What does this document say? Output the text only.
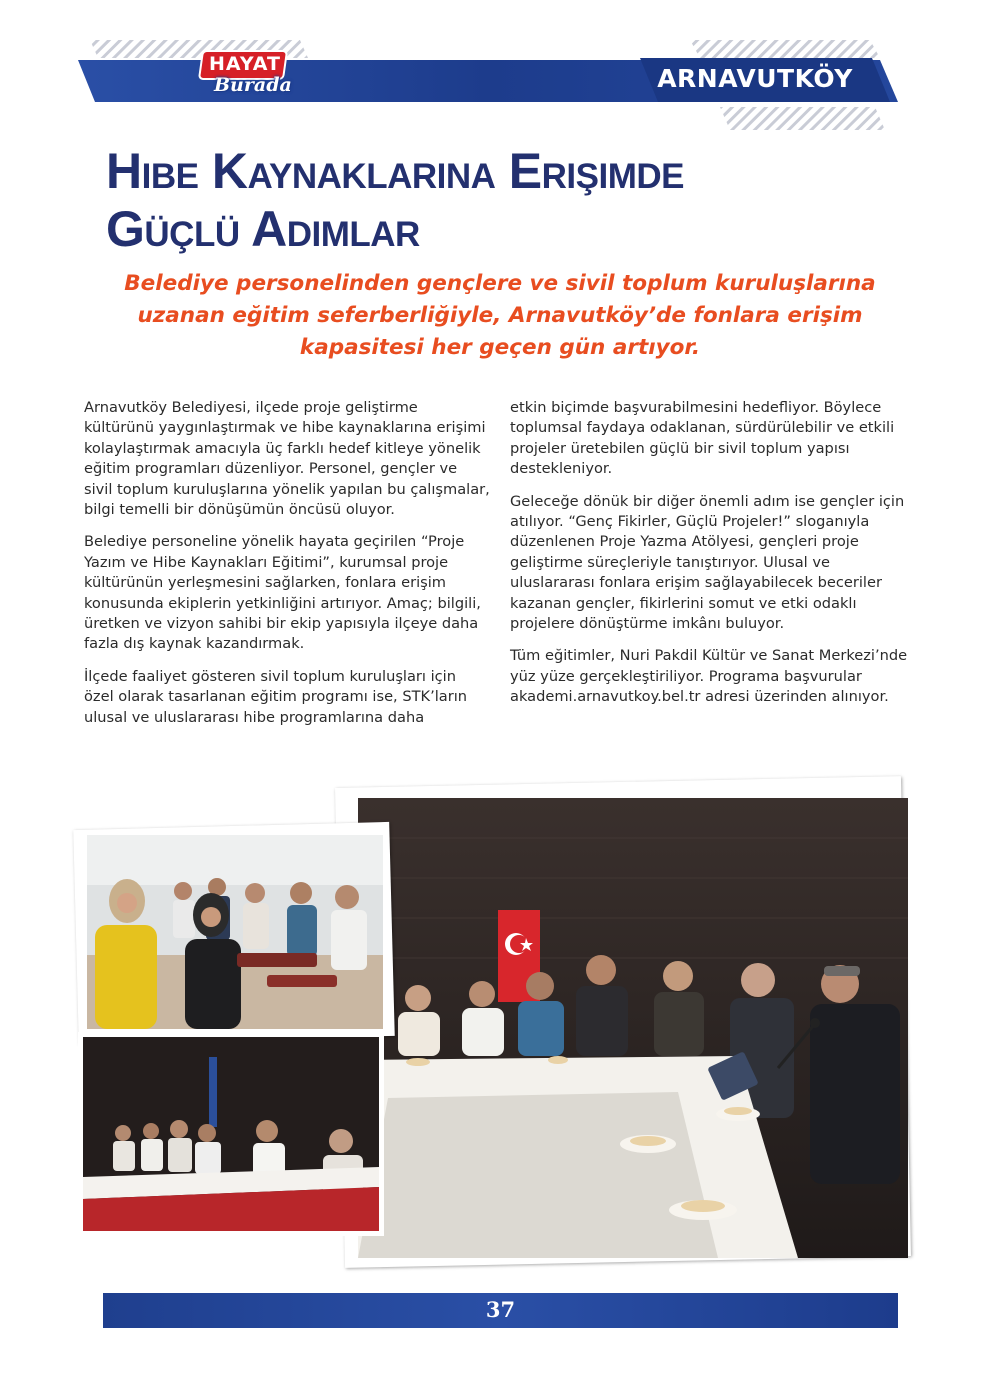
HAYAT
Burada	ARNAVUTKÖY
Hibe Kaynaklarına Erişimde
Güçlü Adımlar

Belediye personelinden gençlere ve sivil toplum kuruluşlarına uzanan eğitim seferberliğiyle, Arnavutköy’de fonlara erişim kapasitesi her geçen gün artıyor.

Arnavutköy Belediyesi, ilçede proje geliştirme kültürünü yaygınlaştırmak ve hibe kaynaklarına erişimi kolaylaştırmak amacıyla üç farklı hedef kitleye yönelik eğitim programları düzenliyor. Personel, gençler ve sivil toplum kuruluşlarına yönelik yapılan bu çalışmalar, bilgi temelli bir dönüşümün öncüsü oluyor.

Belediye personeline yönelik hayata geçirilen “Proje Yazım ve Hibe Kaynakları Eğitimi”, kurumsal proje kültürünün yerleşmesini sağlarken, fonlara erişim konusunda ekiplerin yetkinliğini artırıyor. Amaç; bilgili, üretken ve vizyon sahibi bir ekip yapısıyla ilçeye daha fazla dış kaynak kazandırmak.

İlçede faaliyet gösteren sivil toplum kuruluşları için özel olarak tasarlanan eğitim programı ise, STK’ların ulusal ve uluslararası hibe programlarına daha

etkin biçimde başvurabilmesini hedefliyor. Böylece toplumsal faydaya odaklanan, sürdürülebilir ve etkili projeler üretebilen güçlü bir sivil toplum yapısı destekleniyor.

Geleceğe dönük bir diğer önemli adım ise gençler için atılıyor. “Genç Fikirler, Güçlü Projeler!” sloganıyla düzenlenen Proje Yazma Atölyesi, gençleri proje geliştirme süreçleriyle tanıştırıyor. Ulusal ve uluslararası fonlara erişim sağlayabilecek beceriler kazanan gençler, fikirlerini somut ve etki odaklı projelere dönüştürme imkânı buluyor.

Tüm eğitimler, Nuri Pakdil Kültür ve Sanat Merkezi’nde yüz yüze gerçekleştiriliyor. Programa başvurular akademi.arnavutkoy.bel.tr adresi üzerinden alınıyor.

37
